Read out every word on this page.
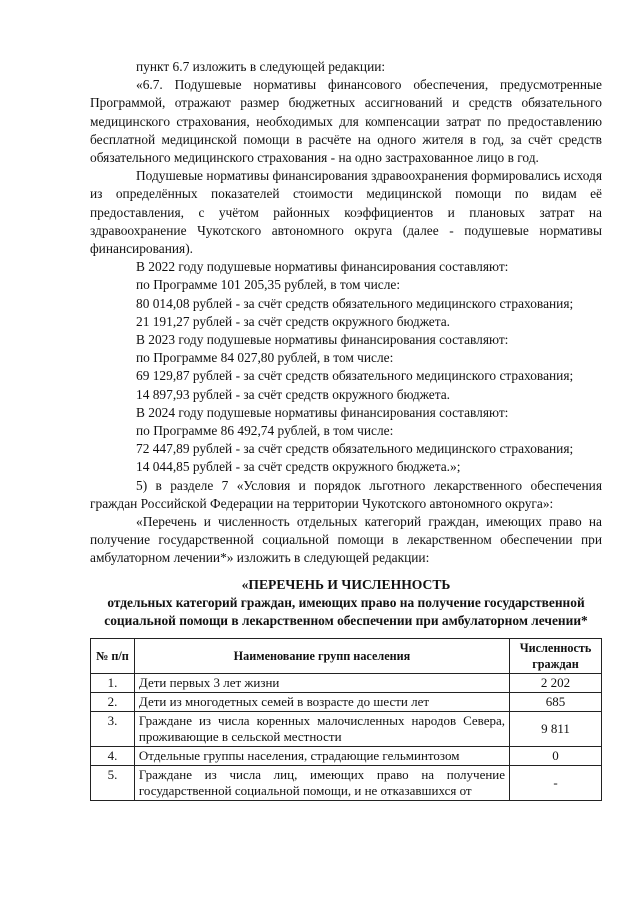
пункт 6.7 изложить в следующей редакции:

«6.7. Подушевые нормативы финансового обеспечения, предусмотренные Программой, отражают размер бюджетных ассигнований и средств обязательного медицинского страхования, необходимых для компенсации затрат по предоставлению бесплатной медицинской помощи в расчёте на одного жителя в год, за счёт средств обязательного медицинского страхования - на одно застрахованное лицо в год.

Подушевые нормативы финансирования здравоохранения формировались исходя из определённых показателей стоимости медицинской помощи по видам её предоставления, с учётом районных коэффициентов и плановых затрат на здравоохранение Чукотского автономного округа (далее - подушевые нормативы финансирования).

В 2022 году подушевые нормативы финансирования составляют:

по Программе 101 205,35 рублей, в том числе:

80 014,08 рублей - за счёт средств обязательного медицинского страхования;

21 191,27 рублей - за счёт средств окружного бюджета.

В 2023 году подушевые нормативы финансирования составляют:

по Программе 84 027,80 рублей, в том числе:

69 129,87 рублей - за счёт средств обязательного медицинского страхования;

14 897,93 рублей - за счёт средств окружного бюджета.

В 2024 году подушевые нормативы финансирования составляют:

по Программе 86 492,74 рублей, в том числе:

72 447,89 рублей - за счёт средств обязательного медицинского страхования;

14 044,85 рублей - за счёт средств окружного бюджета.»;

5) в разделе 7 «Условия и порядок льготного лекарственного обеспечения граждан Российской Федерации на территории Чукотского автономного округа»:

«Перечень и численность отдельных категорий граждан, имеющих право на получение государственной социальной помощи в лекарственном обеспечении при амбулаторном лечении*» изложить в следующей редакции:

«ПЕРЕЧЕНЬ И ЧИСЛЕННОСТЬ

отдельных категорий граждан, имеющих право на получение государственной социальной помощи в лекарственном обеспечении при амбулаторном лечении*

№ п/п	Наименование групп населения	Численность граждан
1.	Дети первых 3 лет жизни	2 202
2.	Дети из многодетных семей в возрасте до шести лет	685
3.	Граждане из числа коренных малочисленных народов Севера, проживающие в сельской местности	9 811
4.	Отдельные группы населения, страдающие гельминтозом	0
5.	Граждане из числа лиц, имеющих право на получение государственной социальной помощи, и не отказавшихся от	-
